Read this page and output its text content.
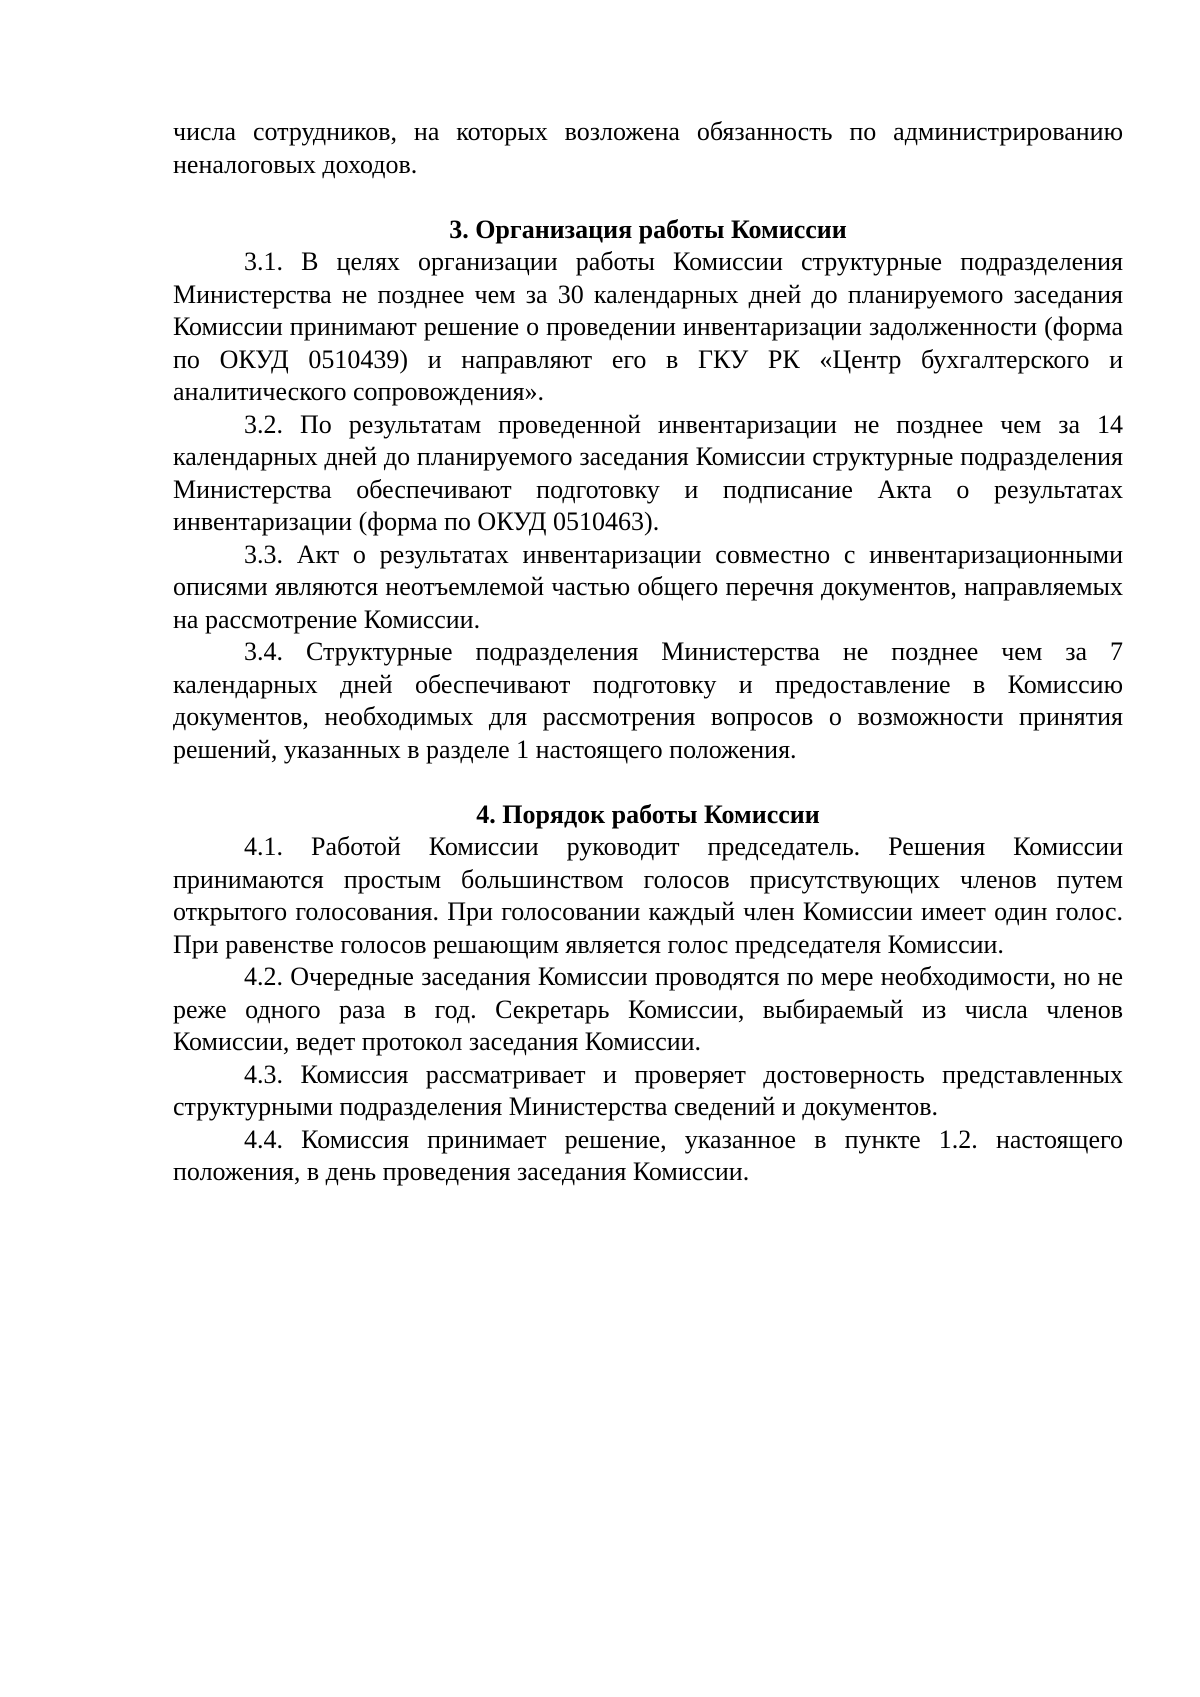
числа сотрудников, на которых возложена обязанность по администрированию неналоговых доходов.

3. Организация работы Комиссии

3.1. В целях организации работы Комиссии структурные подразделения Министерства не позднее чем за 30 календарных дней до планируемого заседания Комиссии принимают решение о проведении инвентаризации задолженности (форма по ОКУД 0510439) и направляют его в ГКУ РК «Центр бухгалтерского и аналитического сопровождения».

3.2. По результатам проведенной инвентаризации не позднее чем за 14 календарных дней до планируемого заседания Комиссии структурные подразделения Министерства обеспечивают подготовку и подписание Акта о результатах инвентаризации (форма по ОКУД 0510463).

3.3. Акт о результатах инвентаризации совместно с инвентаризационными описями являются неотъемлемой частью общего перечня документов, направляемых на рассмотрение Комиссии.

3.4. Структурные подразделения Министерства не позднее чем за 7 календарных дней обеспечивают подготовку и предоставление в Комиссию документов, необходимых для рассмотрения вопросов о возможности принятия решений, указанных в разделе 1 настоящего положения.

4. Порядок работы Комиссии

4.1. Работой Комиссии руководит председатель. Решения Комиссии принимаются простым большинством голосов присутствующих членов путем открытого голосования. При голосовании каждый член Комиссии имеет один голос. При равенстве голосов решающим является голос председателя Комиссии.

4.2. Очередные заседания Комиссии проводятся по мере необходимости, но не реже одного раза в год. Секретарь Комиссии, выбираемый из числа членов Комиссии, ведет протокол заседания Комиссии.

4.3. Комиссия рассматривает и проверяет достоверность представленных структурными подразделения Министерства сведений и документов.

4.4. Комиссия принимает решение, указанное в пункте 1.2. настоящего положения, в день проведения заседания Комиссии.
